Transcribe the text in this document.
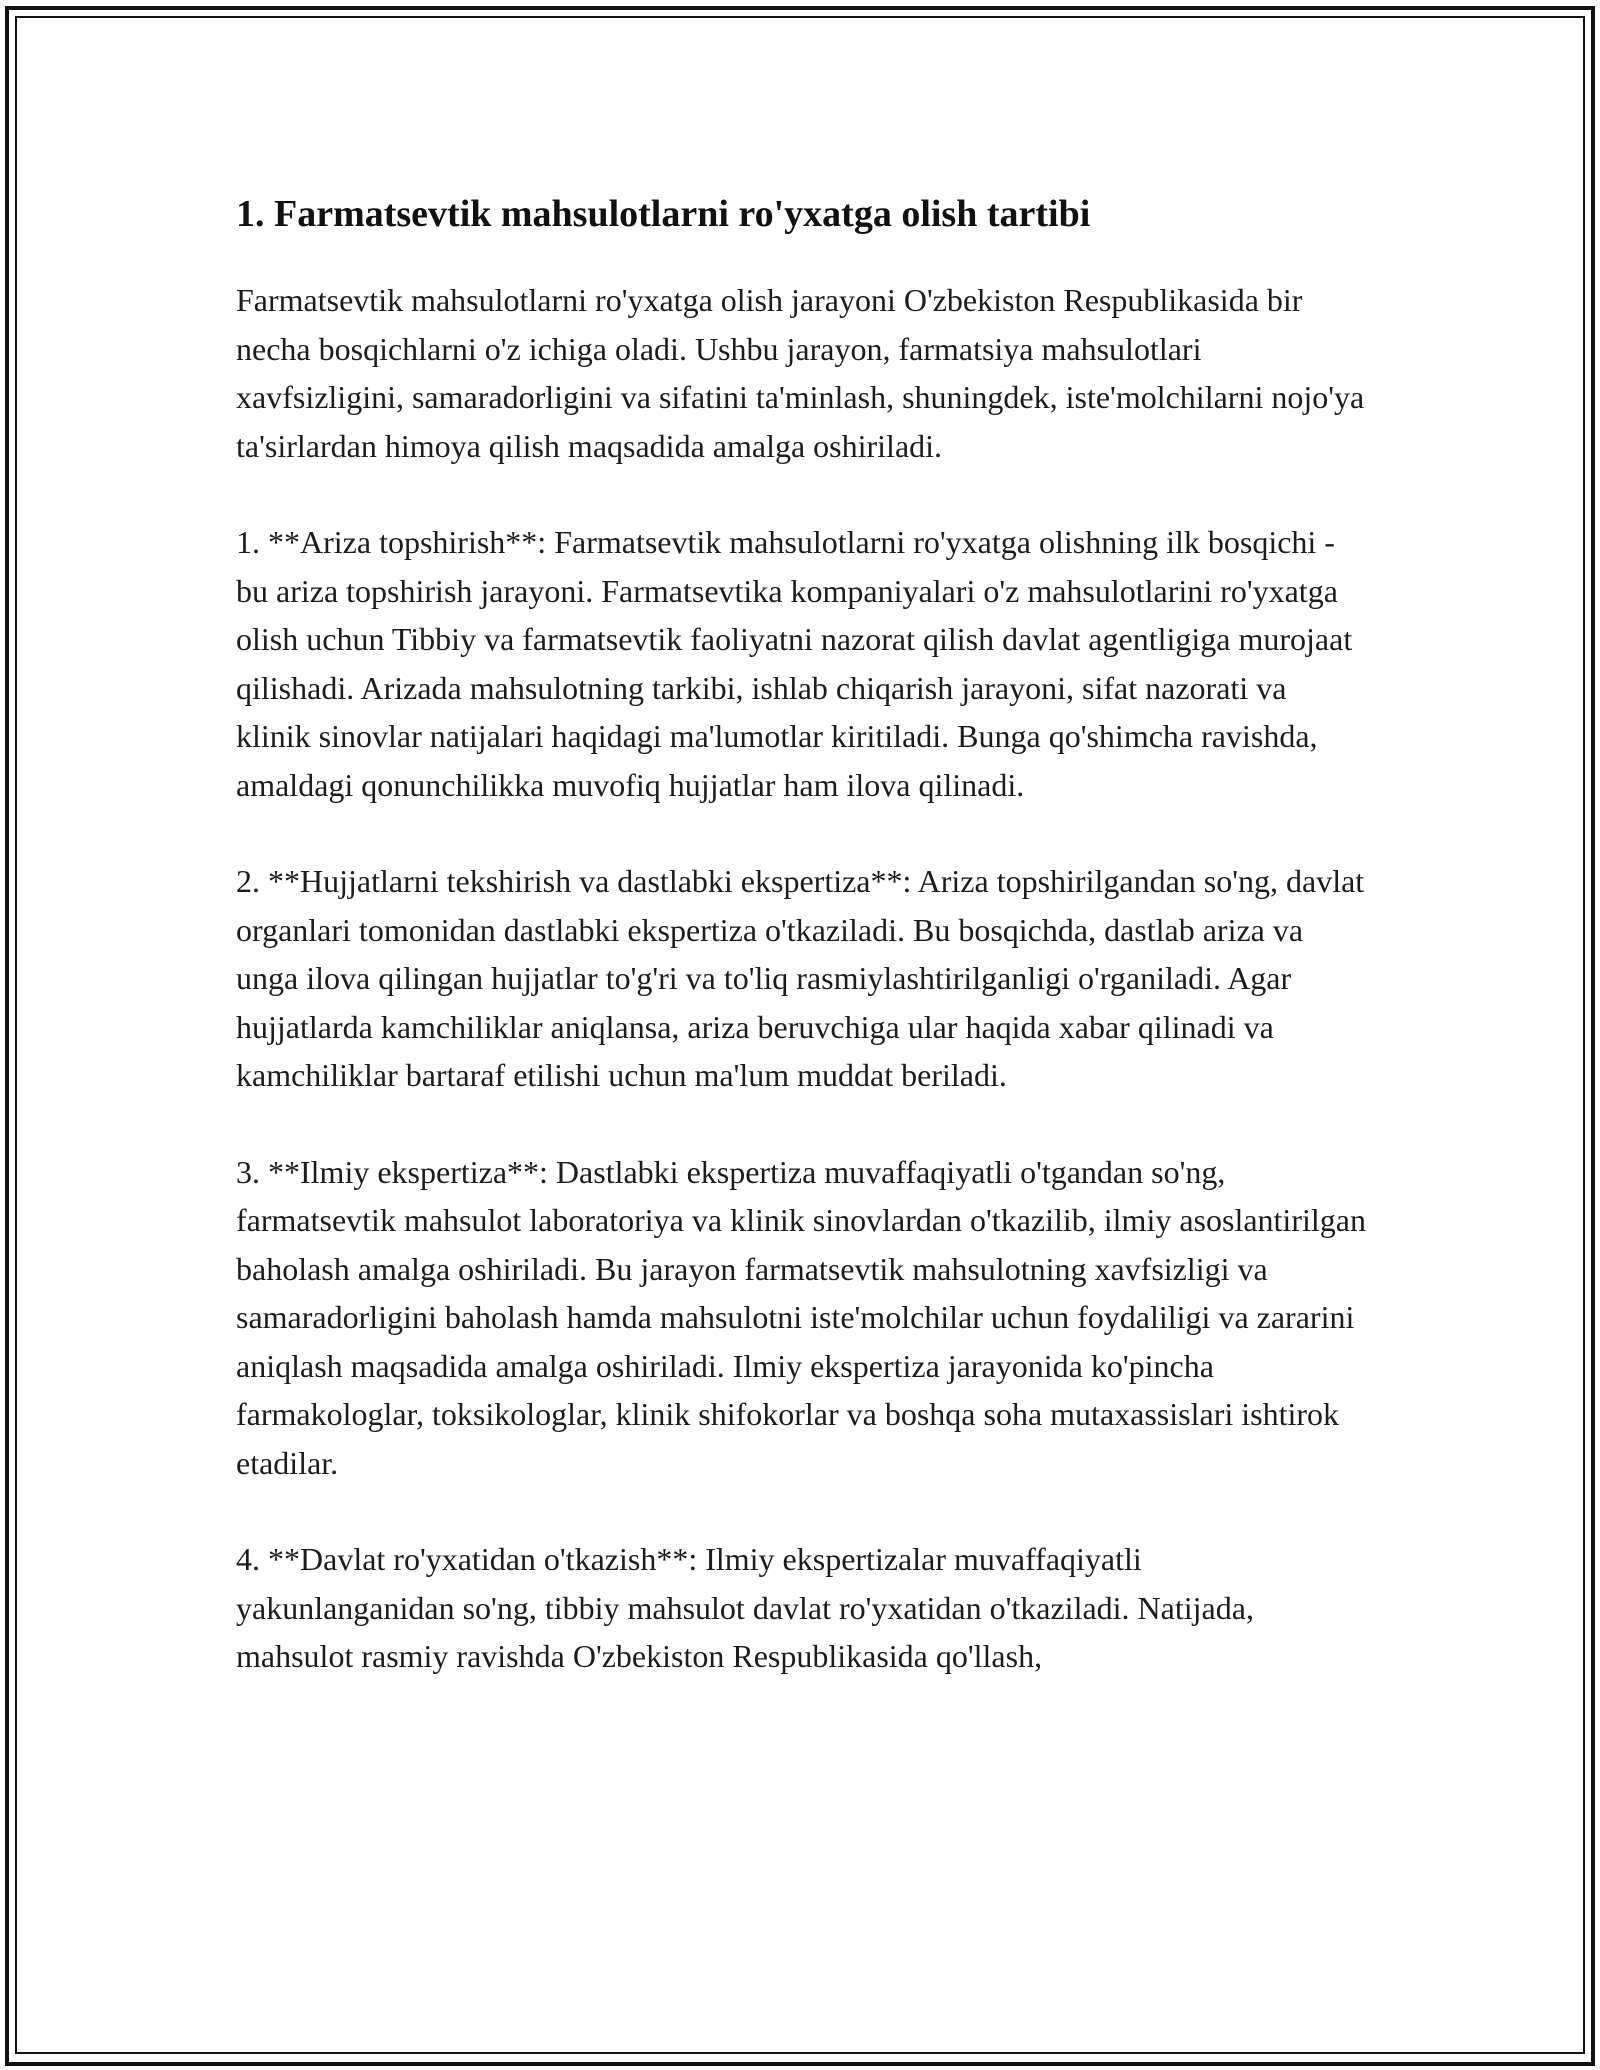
1. Farmatsevtik mahsulotlarni ro'yxatga olish tartibi

Farmatsevtik mahsulotlarni ro'yxatga olish jarayoni O'zbekiston Respublikasida bir necha bosqichlarni o'z ichiga oladi. Ushbu jarayon, farmatsiya mahsulotlari xavfsizligini, samaradorligini va sifatini ta'minlash, shuningdek, iste'molchilarni nojo'ya ta'sirlardan himoya qilish maqsadida amalga oshiriladi.

1. **Ariza topshirish**: Farmatsevtik mahsulotlarni ro'yxatga olishning ilk bosqichi - bu ariza topshirish jarayoni. Farmatsevtika kompaniyalari o'z mahsulotlarini ro'yxatga olish uchun Tibbiy va farmatsevtik faoliyatni nazorat qilish davlat agentligiga murojaat qilishadi. Arizada mahsulotning tarkibi, ishlab chiqarish jarayoni, sifat nazorati va klinik sinovlar natijalari haqidagi ma'lumotlar kiritiladi. Bunga qo'shimcha ravishda, amaldagi qonunchilikka muvofiq hujjatlar ham ilova qilinadi.

2. **Hujjatlarni tekshirish va dastlabki ekspertiza**: Ariza topshirilgandan so'ng, davlat organlari tomonidan dastlabki ekspertiza o'tkaziladi. Bu bosqichda, dastlab ariza va unga ilova qilingan hujjatlar to'g'ri va to'liq rasmiylashtirilganligi o'rganiladi. Agar hujjatlarda kamchiliklar aniqlansa, ariza beruvchiga ular haqida xabar qilinadi va kamchiliklar bartaraf etilishi uchun ma'lum muddat beriladi.

3. **Ilmiy ekspertiza**: Dastlabki ekspertiza muvaffaqiyatli o'tgandan so'ng, farmatsevtik mahsulot laboratoriya va klinik sinovlardan o'tkazilib, ilmiy asoslantirilgan baholash amalga oshiriladi. Bu jarayon farmatsevtik mahsulotning xavfsizligi va samaradorligini baholash hamda mahsulotni iste'molchilar uchun foydaliligi va zararini aniqlash maqsadida amalga oshiriladi. Ilmiy ekspertiza jarayonida ko'pincha farmakologlar, toksikologlar, klinik shifokorlar va boshqa soha mutaxassislari ishtirok etadilar.

4. **Davlat ro'yxatidan o'tkazish**: Ilmiy ekspertizalar muvaffaqiyatli yakunlanganidan so'ng, tibbiy mahsulot davlat ro'yxatidan o'tkaziladi. Natijada, mahsulot rasmiy ravishda O'zbekiston Respublikasida qo'llash,
